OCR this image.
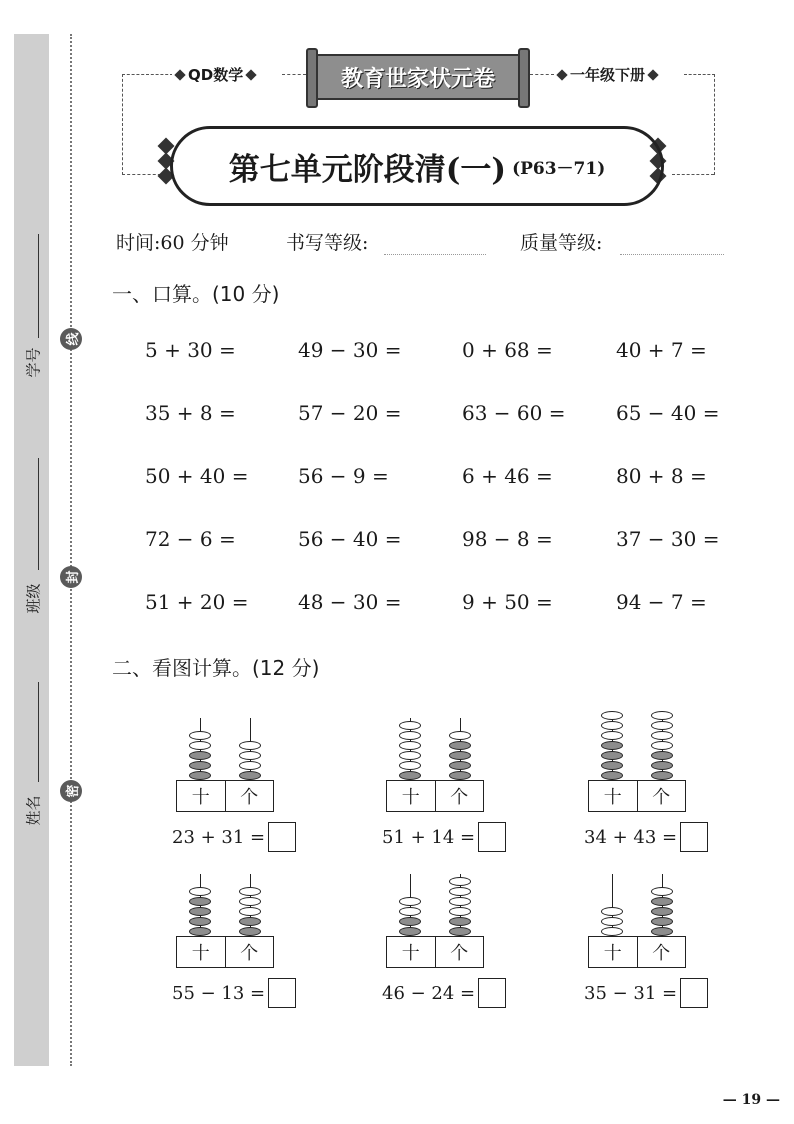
线
封
密
学号
班级
姓名
QD数学	一年级下册
教育世家状元卷
第七单元阶段清(一) (P63－71)
时间:60 分钟	书写等级:	质量等级:
一、口算。(10 分)
5 + 30 =	49 − 30 =	0 + 68 =	40 + 7 =
35 + 8 =	57 − 20 =	63 − 60 =	65 − 40 =
50 + 40 = 56 − 9 =	6 + 46 =	80 + 8 =
72 − 6 =	56 − 40 =	98 − 8 =	37 − 30 =
51 + 20 = 48 − 30 =	9 + 50 =	94 − 7 =
二、看图计算。(12 分)
十	个
23 + 31 =
十	个
51 + 14 =
十	个
34 + 43 =
十	个
55 − 13 =
十	个
46 − 24 =
十	个
35 − 31 =
— 19 —
